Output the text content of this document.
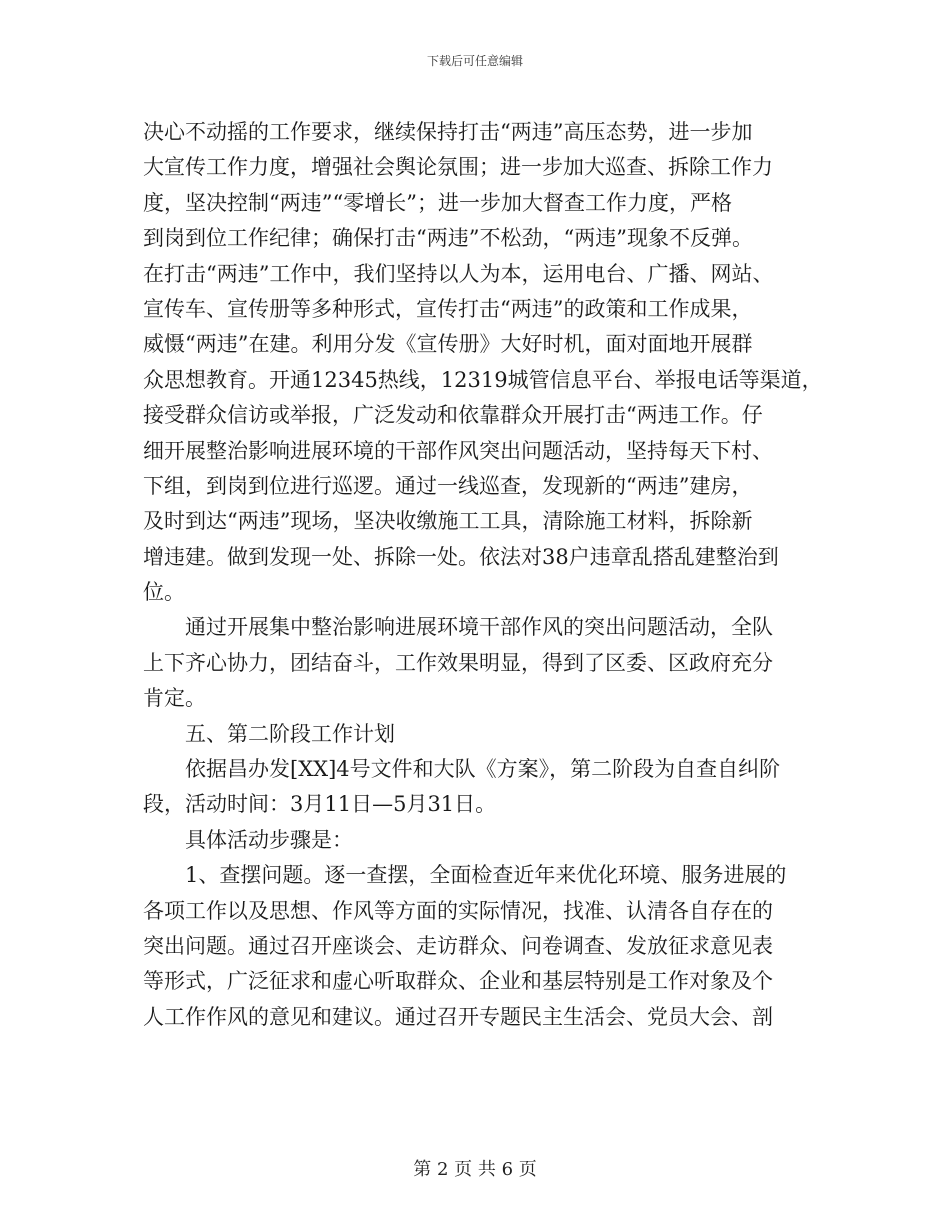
下载后可任意编辑
决心不动摇的工作要求，继续保持打击“两违”高压态势，进一步加
大宣传工作力度，增强社会舆论氛围；进一步加大巡查、拆除工作力
度，坚决控制“两违”“零增长”；进一步加大督查工作力度，严格
到岗到位工作纪律；确保打击“两违”不松劲，“两违”现象不反弹。
在打击“两违”工作中，我们坚持以人为本，运用电台、广播、网站、
宣传车、宣传册等多种形式，宣传打击“两违”的政策和工作成果，
威慑“两违”在建。利用分发《宣传册》大好时机，面对面地开展群
众思想教育。开通12345热线，12319城管信息平台、举报电话等渠道，
接受群众信访或举报，广泛发动和依靠群众开展打击“两违工作。仔
细开展整治影响进展环境的干部作风突出问题活动，坚持每天下村、
下组，到岗到位进行巡逻。通过一线巡查，发现新的“两违”建房，
及时到达“两违”现场，坚决收缴施工工具，清除施工材料，拆除新
增违建。做到发现一处、拆除一处。依法对38户违章乱搭乱建整治到
位。
通过开展集中整治影响进展环境干部作风的突出问题活动，全队
上下齐心协力，团结奋斗，工作效果明显，得到了区委、区政府充分
肯定。
五、第二阶段工作计划
依据昌办发[XX]4号文件和大队《方案》，第二阶段为自查自纠阶
段，活动时间：3月11日—5月31日。
具体活动步骤是：
1、查摆问题。逐一查摆，全面检查近年来优化环境、服务进展的
各项工作以及思想、作风等方面的实际情况，找准、认清各自存在的
突出问题。通过召开座谈会、走访群众、问卷调查、发放征求意见表
等形式，广泛征求和虚心听取群众、企业和基层特别是工作对象及个
人工作作风的意见和建议。通过召开专题民主生活会、党员大会、剖
第 2 页 共 6 页
